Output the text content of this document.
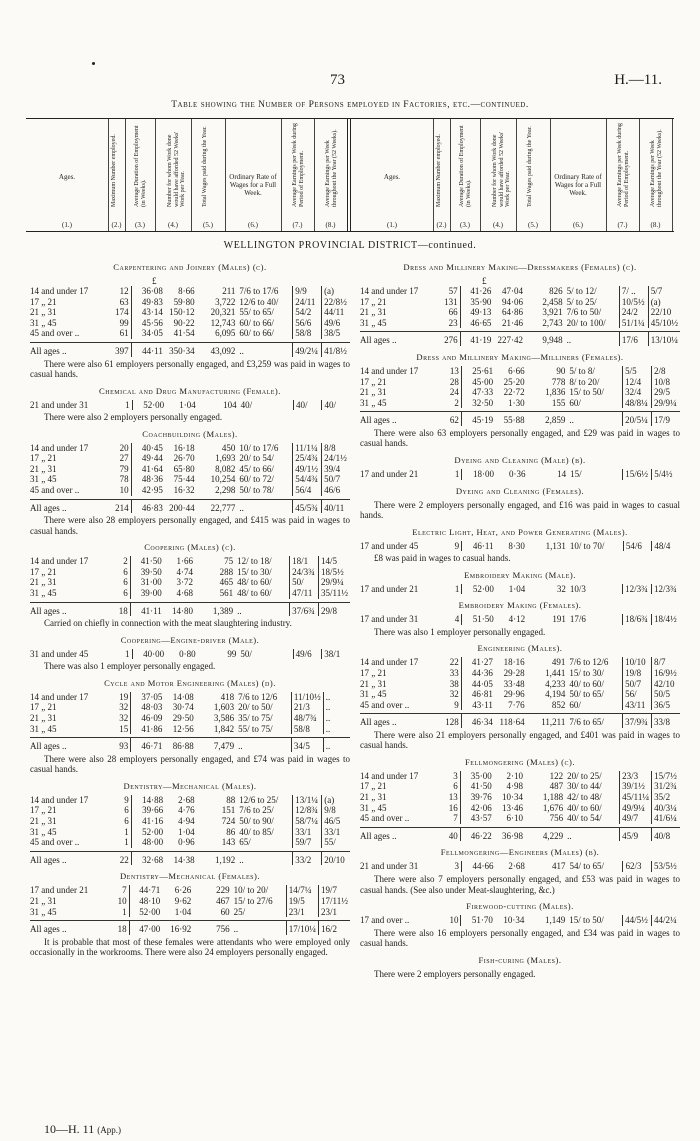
73	H.—11.
Table showing the Number of Persons employed in Factories, etc.—continued.
Ages.
(1.)
Maximum Number employed.
(2.)
Average Duration of Employment (in Weeks).
(3.)
Number for whom Work done would have afforded 52 Weeks' Work per Year.
(4.)
Total Wages paid during the Year.
(5.)
Ordinary Rate of Wages for a Full Week.
(6.)
Average Earnings per Week during Period of Employment.
(7.)
Average Earnings per Week throughout the Year (52 Weeks).
(8.)
Ages.
(1.)
Maximum Number employed.
(2.)
Average Duration of Employment (in Weeks).
(3.)
Number for whom Work done would have afforded 52 Weeks' Work per Year.
(4.)
Total Wages paid during the Year.
(5.)
Ordinary Rate of Wages for a Full Week.
(6.)
Average Earnings per Week during Period of Employment.
(7.)
Average Earnings per Week throughout the Year (52 Weeks).
(8.)
WELLINGTON PROVINCIAL DISTRICT—continued.
Carpentering and Joinery (Males) (c).
£
14 and under 17	12	36·08	8·66	211	7/6 to 17/6	9/9	(a)
17 „ 21	63	49·83	59·80	3,722	12/6 to 40/	24/11	22/8½
21 „ 31	174	43·14	150·12	20,321	55/ to 65/	54/2	44/11
31 „ 45	99	45·56	90·22	12,743	60/ to 66/	56/6	49/6
45 and over ..	61	34·05	41·54	6,095	60/ to 66/	58/8	38/5

All ages ..	397	44·11	350·34	43,092	..	49/2¼	41/8½
There were also 61 employers personally engaged, and £3,259 was paid in wages to casual hands.
Chemical and Drug Manufacturing (Female).
21 and under 31	1	52·00	1·04	104	40/	40/	40/
There were also 2 employers personally engaged.
Coachbuilding (Males).
14 and under 17	20	40·45	16·18	450	10/ to 17/6	11/1¼	8/8
17 „ 21	27	49·44	26·70	1,693	20/ to 54/	25/4¾	24/1½
21 „ 31	79	41·64	65·80	8,082	45/ to 66/	49/1½	39/4
31 „ 45	78	48·36	75·44	10,254	60/ to 72/	54/4¾	50/7
45 and over ..	10	42·95	16·32	2,298	50/ to 78/	56/4	46/6

All ages ..	214	46·83	200·44	22,777	..	45/5¾	40/11
There were also 28 employers personally engaged, and £415 was paid in wages to casual hands.
Coopering (Males) (c).
14 and under 17	2	41·50	1·66	75	12/ to 18/	18/1	14/5
17 „ 21	6	39·50	4·74	288	15/ to 30/	24/3¾	18/5½
21 „ 31	6	31·00	3·72	465	48/ to 60/	50/	29/9¼
31 „ 45	6	39·00	4·68	561	48/ to 60/	47/11	35/11½

All ages ..	18	41·11	14·80	1,389	..	37/6¾	29/8
Carried on chiefly in connection with the meat slaughtering industry.
Coopering—Engine-driver (Male).
31 and under 45	1	40·00	0·80	99	50/	49/6	38/1
There was also 1 employer personally engaged.
Cycle and Motor Engineering (Males) (d).
14 and under 17	19	37·05	14·08	418	7/6 to 12/6	11/10½	..
17 „ 21	32	48·03	30·74	1,603	20/ to 50/	21/3	..
21 „ 31	32	46·09	29·50	3,586	35/ to 75/	48/7¾	..
31 „ 45	15	41·86	12·56	1,842	55/ to 75/	58/8	..

All ages ..	93	46·71	86·88	7,479	..	34/5	..
There were also 28 employers personally engaged, and £74 was paid in wages to casual hands.
Dentistry—Mechanical (Males).
14 and under 17	9	14·88	2·68	88	12/6 to 25/	13/1¼	(a)
17 „ 21	6	39·66	4·76	151	7/6 to 25/	12/8¾	9/8
21 „ 31	6	41·16	4·94	724	50/ to 90/	58/7¼	46/5
31 „ 45	1	52·00	1·04	86	40/ to 85/	33/1	33/1
45 and over ..	1	48·00	0·96	143	65/	59/7	55/

All ages ..	22	32·68	14·38	1,192	..	33/2	20/10
Dentistry—Mechanical (Females).
17 and under 21	7	44·71	6·26	229	10/ to 20/	14/7¼	19/7
21 „ 31	10	48·10	9·62	467	15/ to 27/6	19/5	17/11½
31 „ 45	1	52·00	1·04	60	25/	23/1	23/1

All ages ..	18	47·00	16·92	756	..	17/10¼	16/2
It is probable that most of these females were attendants who were employed only occasionally in the workrooms. There were also 24 employers personally engaged.
Dress and Millinery Making—Dressmakers (Females) (c).
£
14 and under 17	57	41·26	47·04	826	5/ to 12/	7/ ..	5/7
17 „ 21	131	35·90	94·06	2,458	5/ to 25/	10/5½	(a)
21 „ 31	66	49·13	64·86	3,921	7/6 to 50/	24/2	22/10
31 „ 45	23	46·65	21·46	2,743	20/ to 100/	51/1¼	45/10½

All ages ..	276	41·19	227·42	9,948	..	17/6	13/10¼
Dress and Millinery Making—Milliners (Females).
14 and under 17	13	25·61	6·66	90	5/ to 8/	5/5	2/8
17 „ 21	28	45·00	25·20	778	8/ to 20/	12/4	10/8
21 „ 31	24	47·33	22·72	1,836	15/ to 50/	32/4	29/5
31 „ 45	2	32·50	1·30	155	60/	48/8¼	29/9¼

All ages ..	62	45·19	55·88	2,859	..	20/5¼	17/9
There were also 63 employers personally engaged, and £29 was paid in wages to casual hands.
Dyeing and Cleaning (Male) (b).
17 and under 21	1	18·00	0·36	14	15/	15/6½	5/4½
Dyeing and Cleaning (Females).
There were 2 employers personally engaged, and £16 was paid in wages to casual hands.
Electric Light, Heat, and Power Generating (Males).
17 and under 45	9	46·11	8·30	1,131	10/ to 70/	54/6	48/4
£8 was paid in wages to casual hands.
Embroidery Making (Male).
17 and under 21	1	52·00	1·04	32	10/3	12/3¾	12/3¾
Embroidery Making (Females).
17 and under 31	4	51·50	4·12	191	17/6	18/6¾	18/4½
There was also 1 employer personally engaged.
Engineering (Males).
14 and under 17	22	41·27	18·16	491	7/6 to 12/6	10/10	8/7
17 „ 21	33	44·36	29·28	1,441	15/ to 30/	19/8	16/9½
21 „ 31	38	44·05	33·48	4,233	40/ to 60/	50/7	42/10
31 „ 45	32	46·81	29·96	4,194	50/ to 65/	56/	50/5
45 and over ..	9	43·11	7·76	852	60/	43/11	36/5

All ages ..	128	46·34	118·64	11,211	7/6 to 65/	37/9¾	33/8
There were also 21 employers personally engaged, and £401 was paid in wages to casual hands.
Fellmongering (Males) (c).
14 and under 17	3	35·00	2·10	122	20/ to 25/	23/3	15/7½
17 „ 21	6	41·50	4·98	487	30/ to 44/	39/1½	31/2¾
21 „ 31	13	39·76	10·34	1,188	42/ to 48/	45/11¼	35/2
31 „ 45	16	42·06	13·46	1,676	40/ to 60/	49/9¼	40/3¼
45 and over ..	7	43·57	6·10	756	40/ to 54/	49/7	41/6¼

All ages ..	40	46·22	36·98	4,229	..	45/9	40/8
Fellmongering—Engineers (Males) (b).
21 and under 31	3	44·66	2·68	417	54/ to 65/	62/3	53/5½
There were also 7 employers personally engaged, and £53 was paid in wages to casual hands. (See also under Meat-slaughtering, &c.)
Firewood-cutting (Males).
17 and over ..	10	51·70	10·34	1,149	15/ to 50/	44/5½	44/2¼
There were also 16 employers personally engaged, and £34 was paid in wages to casual hands.
Fish-curing (Males).
There were 2 employers personally engaged.
10—H. 11 (App.)
